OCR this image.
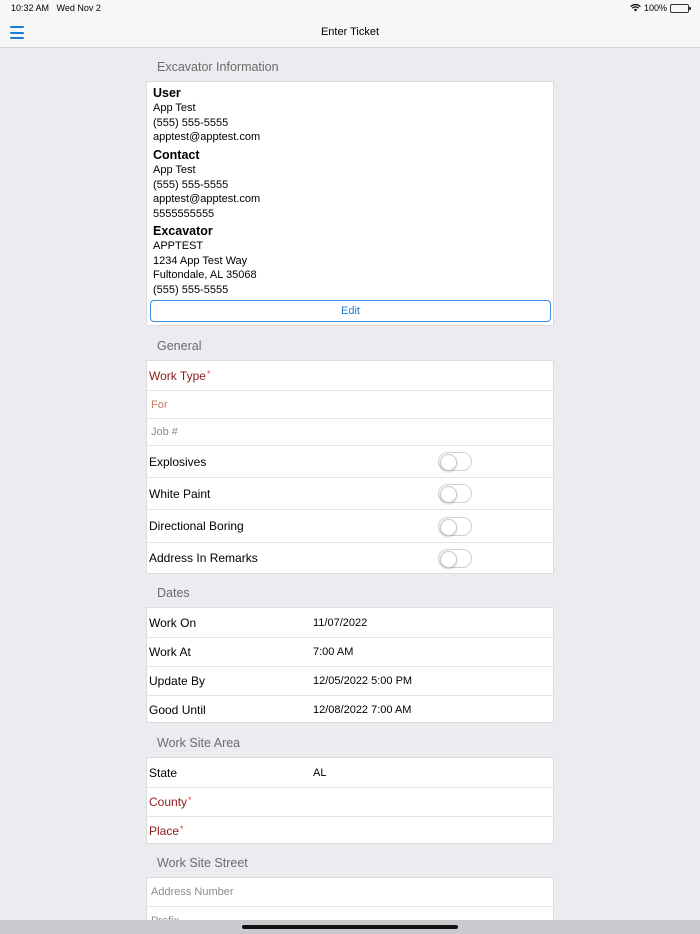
10:32 AM Wed Nov 2	100%
Enter Ticket
Excavator Information
User
App Test
(555) 555-5555
apptest@apptest.com
Contact
App Test
(555) 555-5555
apptest@apptest.com
5555555555
Excavator
APPTEST
1234 App Test Way
Fultondale, AL 35068
(555) 555-5555
Edit
General
Work Type*
For
Job #
Explosives
White Paint
Directional Boring
Address In Remarks
Dates
Work On	11/07/2022
Work At	7:00 AM
Update By	12/05/2022 5:00 PM
Good Until	12/08/2022 7:00 AM
Work Site Area
State	AL
County*
Place*
Work Site Street
Address Number
